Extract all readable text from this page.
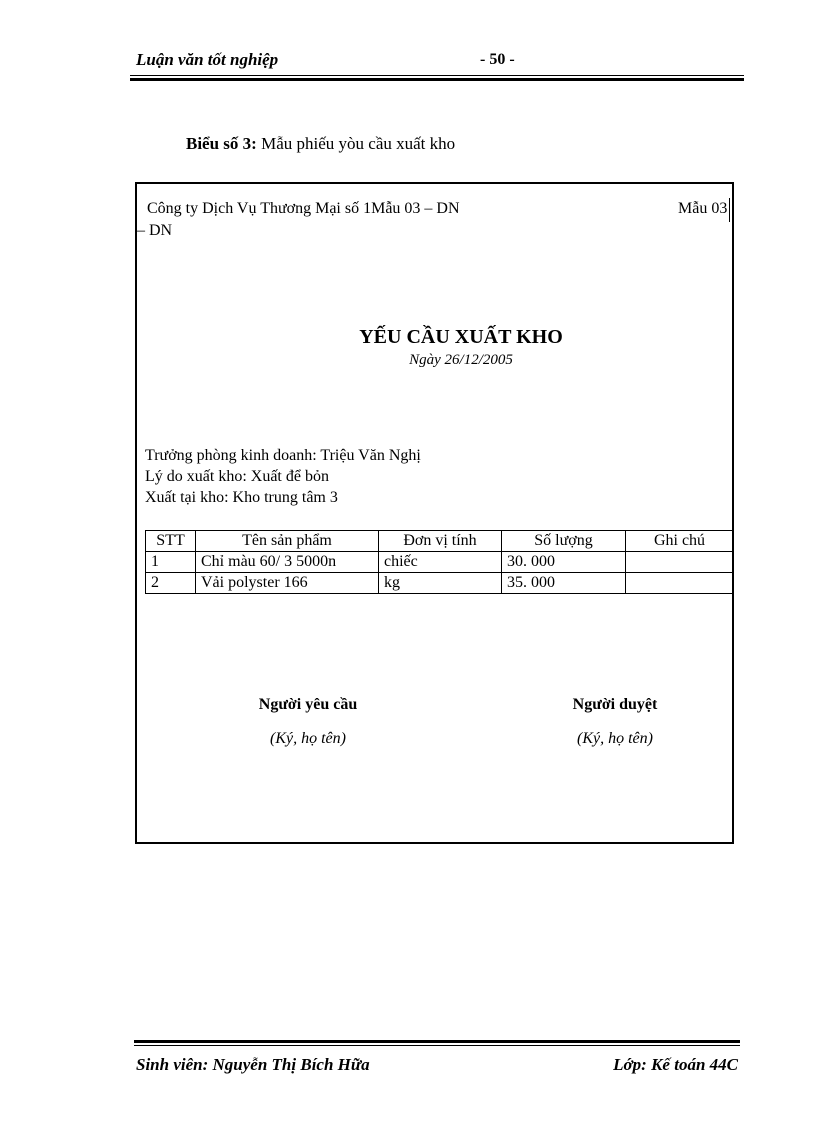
Luận văn tốt nghiệp	- 50 -
Biểu số 3: Mẫu phiếu yòu cầu xuất kho
Công ty Dịch Vụ Thương Mại số 1Mẫu 03 – DN	Mẫu 03
– DN
YẾU CẦU XUẤT KHO
Ngày 26/12/2005
Trưởng phòng kinh doanh: Triệu Văn Nghị
Lý do xuất kho: Xuất để bỏn
Xuất tại kho: Kho trung tâm 3
STT	Tên sản phẩm	Đơn vị tính	Số lượng	Ghi chú
1	Chỉ màu 60/ 3 5000n	chiếc	30. 000	
2	Vải polyster 166	kg	35. 000	
Người yêu cầu
(Ký, họ tên)
Người duyệt
(Ký, họ tên)
Sinh viên: Nguyễn Thị Bích Hữa	Lớp: Kế toán 44C
